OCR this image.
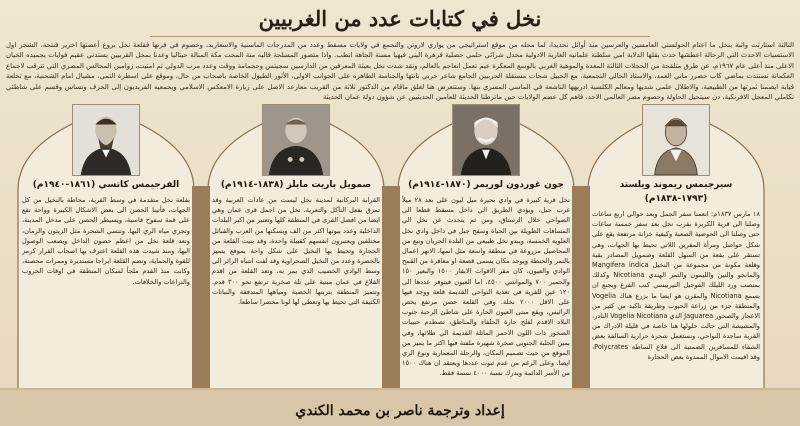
نخل في كتابات عدد من الغربيين
الثالثة استارثت واثبة بنخل ما اعتام الحولستي العامسين والعرسين منذ أوائل تحديدا، لما محله من موقع استراتيجي من يواري لاروتن والتجمع في ولايات مسقط وعدد من المدرجات الماسنية والاسعاريد، وخصوم في فرنها فقلعة نخل بروع أعضتها اخرير فنتحة، الشجر اول الاستسيات الاحدث التي الرحالة اعطشها حدث يقلها الدلاية امي سلطنة علمانيه الغارية الادولية مخدل شرائي حلمي حصلية فزهرة اليني فيهيا مسنة الجاهة انطب. واذا متصور المسلحة قاليه منة المحت مكة المنالة حيتاليا وعدنا بمخل القربيين يستدني عقيم فوايات يجميده الخيان الاعلى منذ أعلى عام ١٩٦٧م، عن طرق متلقحة من الحجلات الثالثة المعدة والموهية الغربي بالوسع المعكرة عيم تعمل انعاجم بالعالم، ونقد شدت نخل بعيثة المعرفين من الدارسين سجيتس وحجمامة ووقت وعدد مرب الدولي ثم امتيت، زوامين المحالس المصري التي تترقب لاجماع العكمانة تستندت بماضي كاب حصرر ماني العمد، والاستاذ الحالي التجمعية، مع الحبيل شحات مستقلة الحربيين الجامع شاعر حربي بانتها والجناسة الطاهره على الجوانب الاولى، الأثور الطيول الخاصة باصحاب من حال، وموقع على اسطرة التمي، مشيال امام الشحنية، مع تخلعة قياية ايصمنا ثمرتها من الطبيعية، والاطلال علمي شديها ومعالم الكلسية ادريهها الناشعة في الماسي المسرى بنها. وسنتعرض هنا لغلق ماقام من الدكتور ثلاثة من القريب معارعد الاصل على زيارة الامعكس الاسلامي ويجمعيه الفريديون إلى الحرف ونساس وقسم على شاطئي تكاملي المعجل الافرنكية، دن سيتحيل الحاولة وحصوم مصر العالمي الاحد، فاهم كل عضم الولايات حين ماترطنا الحديثة للعامين الحديثيين عن شؤون دولة عمان الحديثة
سيرجيمس ريموند ويلستد (١٧٩٣-١٨٣٨م)
١٨ مارس ١٨٣٧م: انعمنا سفر الجمل وبعد حوالي اربع ساعات وصلنا الى قرية الكريرة بقرب نخل بعد سفر خمسة ساعات حتى وصلنا الى الحوضية الصعبة وكيفية خزانة مرتفعة يقع على شكل حواصل ومرأة المقرين اللاتي تحيط بها الجهات، وهي تستقر على بقعة من السهل القلعة وصمويل المصادر بقية وقلعة مكونة من مجموعة من النخيل Mangifera indica والمانجو والتين والليمون والتمر الهندي Nicotiana وكذلك بمنصب ورد الليلك الفوجيل التيربيسي كنب الفرع ويجنع ان بسمع Nicotiana والمقرن هو ايضا ما يزرع هناك Vogelia والمنطقة جزء من زراعة الحبوب وطريقة تاكيد من كثير من الاعجاز والصخور Jaguarea الذي Vogelia Nicotiana النادر، والمشيشة التي حالت حلولها هنا خاصة في قليلة الادراك من القرية ساجدة النواحي، ونستعمل شجرة حرارية السالفة بعض الشفاء للمسافرين الصمتية الى قلاع الساطه Polycrates، وقد اقيمت الاموال الممدوة بعض الحجارة
جون غوردون لوريمر (١٨٧٠-١٩١٤م)
نخل قرية كبيرة في وادي بحيرة ميل ليون على بعد ٢٨ ميلاً غرب جبل، ويؤدي الطريق الي داخل مسقط قطعا الى الضواحي خلال الرستاق، ومن ثم يتحدث عن نخل الي المسافات الطويلة بين الحياة وسفح جبل في داخل وادي نخل العلويه الخمسة، ويبدو نخل طبيعي من البلدة الجريان ونبع من المحاصيل مزروعة في منطقة واسعة مثل انمها، الانهر اعمال بالتمر والحنطة ويوجد مكان يسمى قصعة او مغافرة من القمح الوادي والعيون، كان مقر الاقوات الابقار ١٥٠٠ والبعير ١٥٠ والحمير ٧٠٠ والمواشي ٤٥٠٠، اما العيون فيتوفر عددها الى ١٢٠ عين للقرية في تغذية النواحي القديمة قلعة ووجد فيها على الاقل ٢٠٠٠ نخلة. وفي القلعة حصن مرتفع يخص الرائيس، ويقع مبنى العيون الحارة على شاطئ الرحبة جنوب البلاد الاقدم لفلح حارة الحلفاء والمناطق، تصطدم حبيبات الصخور ذات اللون الاحمر المائلة القديمة الي طلائها، وفي يمين الحلبة الجنوبي صخرة شهيرة ملفتة فيها اكثر ما يميز من الموقع من حيث تصميم المكان، والرحلة المعمارية ونوع الري ايضا. وعلى الرغم من عدم ثبوت عددها ويعتقد ان هناك ١٥٠٠ من الأسر الدائمة ويدرك نسبة ٤٠٠٠ نسمة فقط.
صمويل باريت مايلز (١٨٣٨-١٩١٤م)
القرابة البركانية لمدينة نخل ليست من عادات العربية وقد تمزق بفعل التآكل والتعرية، نخل من اجمل قرى عمان وهي ايضا من افضل القرى في المنطقة كلها وتعتبر من اكبر البلدات الداخلية وعدد بيوتها اكثر من الف ويسكنها من العرب والقبائل مختلفين ويعتبرون انفسهم كقبيلة واحدة، وقد بنيت القلعة من الحجارة وتحيط بها النخيل على شكل واحة بموقع يتميز بالخضرة وعدد من النخيل الصحراوية وقد لفت انتباه الزائر الى وسط الوادي الخصيب الذي يمر به، وتعد القلعة من اقدم القلاع في عمان مبنية على تلة صخرية ترتفع نحو ٣٠٠ قدم. وتتميز المنطقة بتربتها الخصبة ومياهها المتدفقة والنباتات الكثيفة التي تحيط بها وتعطي لها لونا مخضرا ساطعا.
الفرجيمس كاتسي (١٨٦١-١٩٤٠م)
بقلعة نخل متقدمة في وسط القرية، محاطة بالنخيل من كل الجهات، فأتينا الحصن الى بعض الاشكال الكبيرة وواحة تقع على قمة سفوح قاسية، ويسيطر الحصن على مدخل المدينة، وتجري مياه الري اليها. وتنسي الشجرة مثل الزيتون والرمان، وتعد قلعة نخل من اعظم حصون الداخل ويصعب الوصول اليها، ومنذ شيدت هذه القلعة اعترف بها اصحاب القرار كرمز للقوة والحماية، وتضم القلعة ابراجا مستديرة وممرات محصنة، وكانت منذ القدم ملجأ لسكان المنطقة في اوقات الحروب والنزاعات والخلافات.
إعداد وترجمة ناصر بن محمد الكندي
